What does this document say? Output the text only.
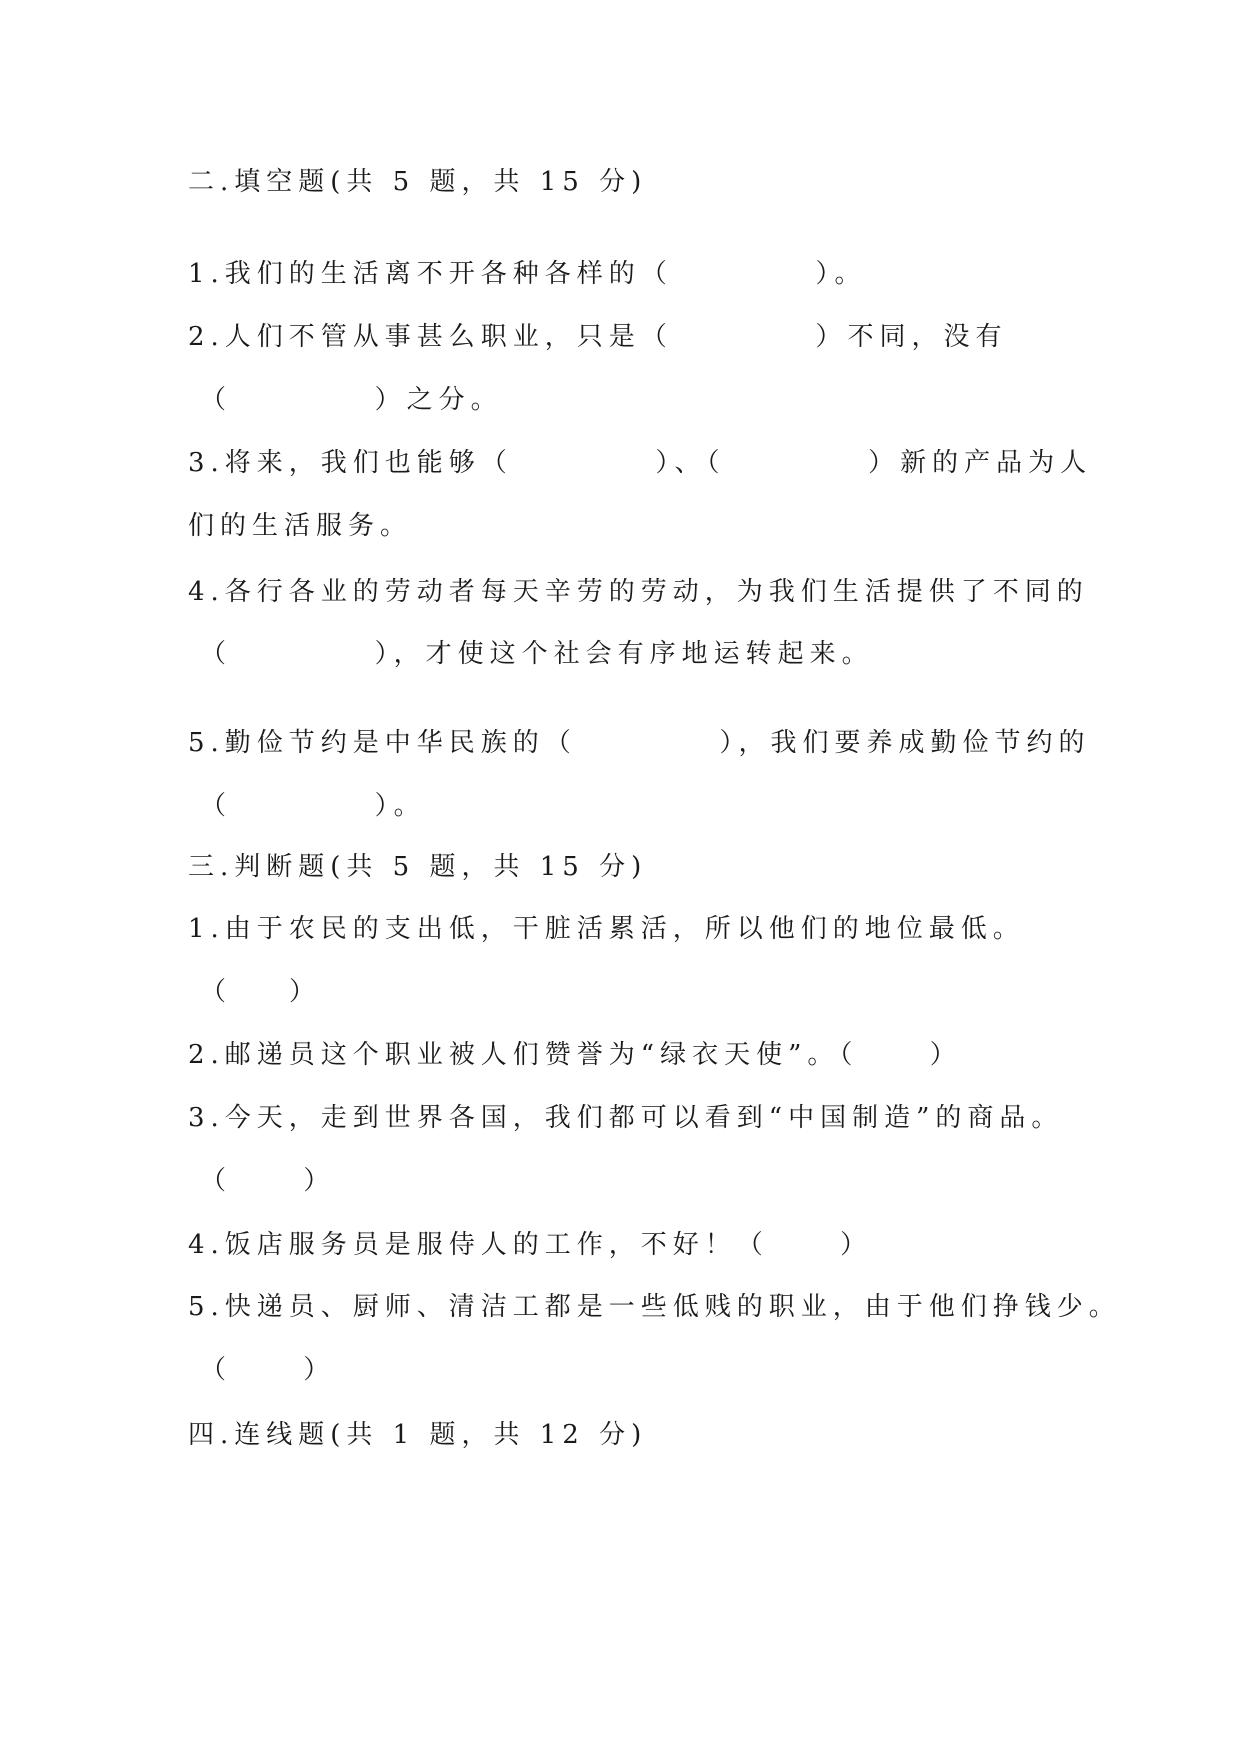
二.填空题(共 5 题，共 15 分)
1.我们的生活离不开各种各样的（          ）。
2.人们不管从事甚么职业，只是（          ）不同，没有
（          ）之分。
3.将来，我们也能够（          ）、（          ）新的产品为人
们的生活服务。
4.各行各业的劳动者每天辛劳的劳动，为我们生活提供了不同的
（          ），才使这个社会有序地运转起来。
5.勤俭节约是中华民族的（          ），我们要养成勤俭节约的
（          ）。
三.判断题(共 5 题，共 15 分)
1.由于农民的支出低，干脏活累活，所以他们的地位最低。
（    ）
2.邮递员这个职业被人们赞誉为“绿衣天使”。（     ）
3.今天，走到世界各国，我们都可以看到“中国制造”的商品。
（     ）
4.饭店服务员是服侍人的工作，不好！（     ）
5.快递员、厨师、清洁工都是一些低贱的职业，由于他们挣钱少。
（     ）
四.连线题(共 1 题，共 12 分)
